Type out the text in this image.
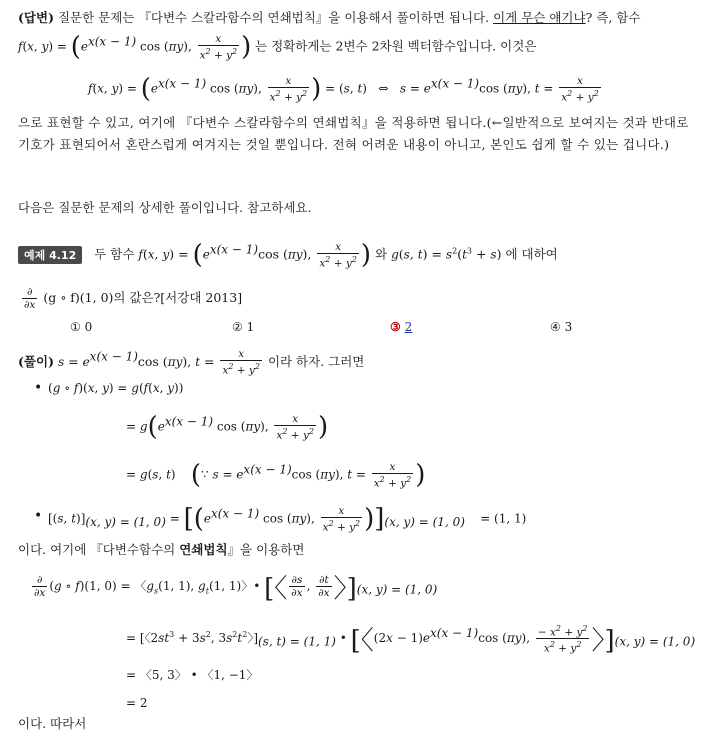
(답변) 질문한 문제는 『다변수 스칼라함수의 연쇄법칙』을 이용해서 풀이하면 됩니다. 이게 무슨 얘기냐? 즉, 함수

f(x, $y) = (e^{x(x - 1)}$ cos (πy), $\frac{x}{x^2 + y^2}$ ) 는 정확하게는 2변수 2차원 벡터함수입니다. 이것은
f(x, $y) = (e^{x(x - 1)}$ cos (πy), $\frac{x}{x^2 + y^2}$ ) = (s, t)   ⇔   $s = e^{x(x - 1)}\cos$ (πy), $t = \frac{x}{x^2 + y^2}$

으로 표현할 수 있고, 여기에 『다변수 스칼라함수의 연쇄법칙』을 적용하면 됩니다.(←일반적으로 보여지는 것과 반대로 기호가 표현되어서 혼란스럽게 여겨지는 것일 뿐입니다. 전혀 어려운 내용이 아니고, 본인도 쉽게 할 수 있는 겁니다.)

다음은 질문한 문제의 상세한 풀이입니다. 참고하세요.

예제 4.12 두 함수 f(x, $y) = (e^{x(x - 1)}\cos$ (πy), $\frac{x}{x^2 + y^2}$ ) 와 g(s, $t) = s^2(t^3 + s)$ 에 대하여
$\frac{\partial}{\partial x} (g$ ∘ f)(1, 0)의 값은?[서강대 2013]
① 0	② 1	③ 2	④ 3
(풀이) $s = e^{x(x - 1)}\cos$ (πy), $t = \frac{x}{x^2 + y^2}$ 이라 하자. 그러면
• (g ∘ f)(x, y) = g(f(x, y))
= $g(e^{x(x - 1)}$ cos (πy), $\frac{x}{x^2 + y^2}$ )
= g(s, t)    (∵ $s = e^{x(x - 1)}\cos$ (πy), $t = \frac{x}{x^2 + y^2}$ )
• [(s, $t)]_{(x, y) = (1, 0)} = [(e^{x(x - 1)}$ cos (πy), $\frac{x}{x^2 + y^2} )]_{(x, y) = (1, 0)}$    = (1, 1)

이다. 여기에 『다변수함수의 연쇄법칙』을 이용하면

$\frac{\partial}{\partial x} (g$ ∘ f)(1, 0) = 〈$g_s(1$, 1), $g_t(1$, 1)〉• [〈 $\frac{\partial s}{\partial x}$ , $\frac{\partial t}{\partial x}$ 〉]$_{(x, y) = (1, 0)}$
= [〈$2st^3 + 3s^2$, $3s^2t^2$〉]$_{(s, t) = (1, 1)}$ • [〈$(2x - 1)e^{x(x - 1)}\cos$ (πy), $\frac{- x^2 + y^2}{x^2 + y^2}$ 〉]$_{(x, y) = (1, 0)}$
= 〈5, 3〉 • 〈1, −1〉
= 2

이다. 따라서
